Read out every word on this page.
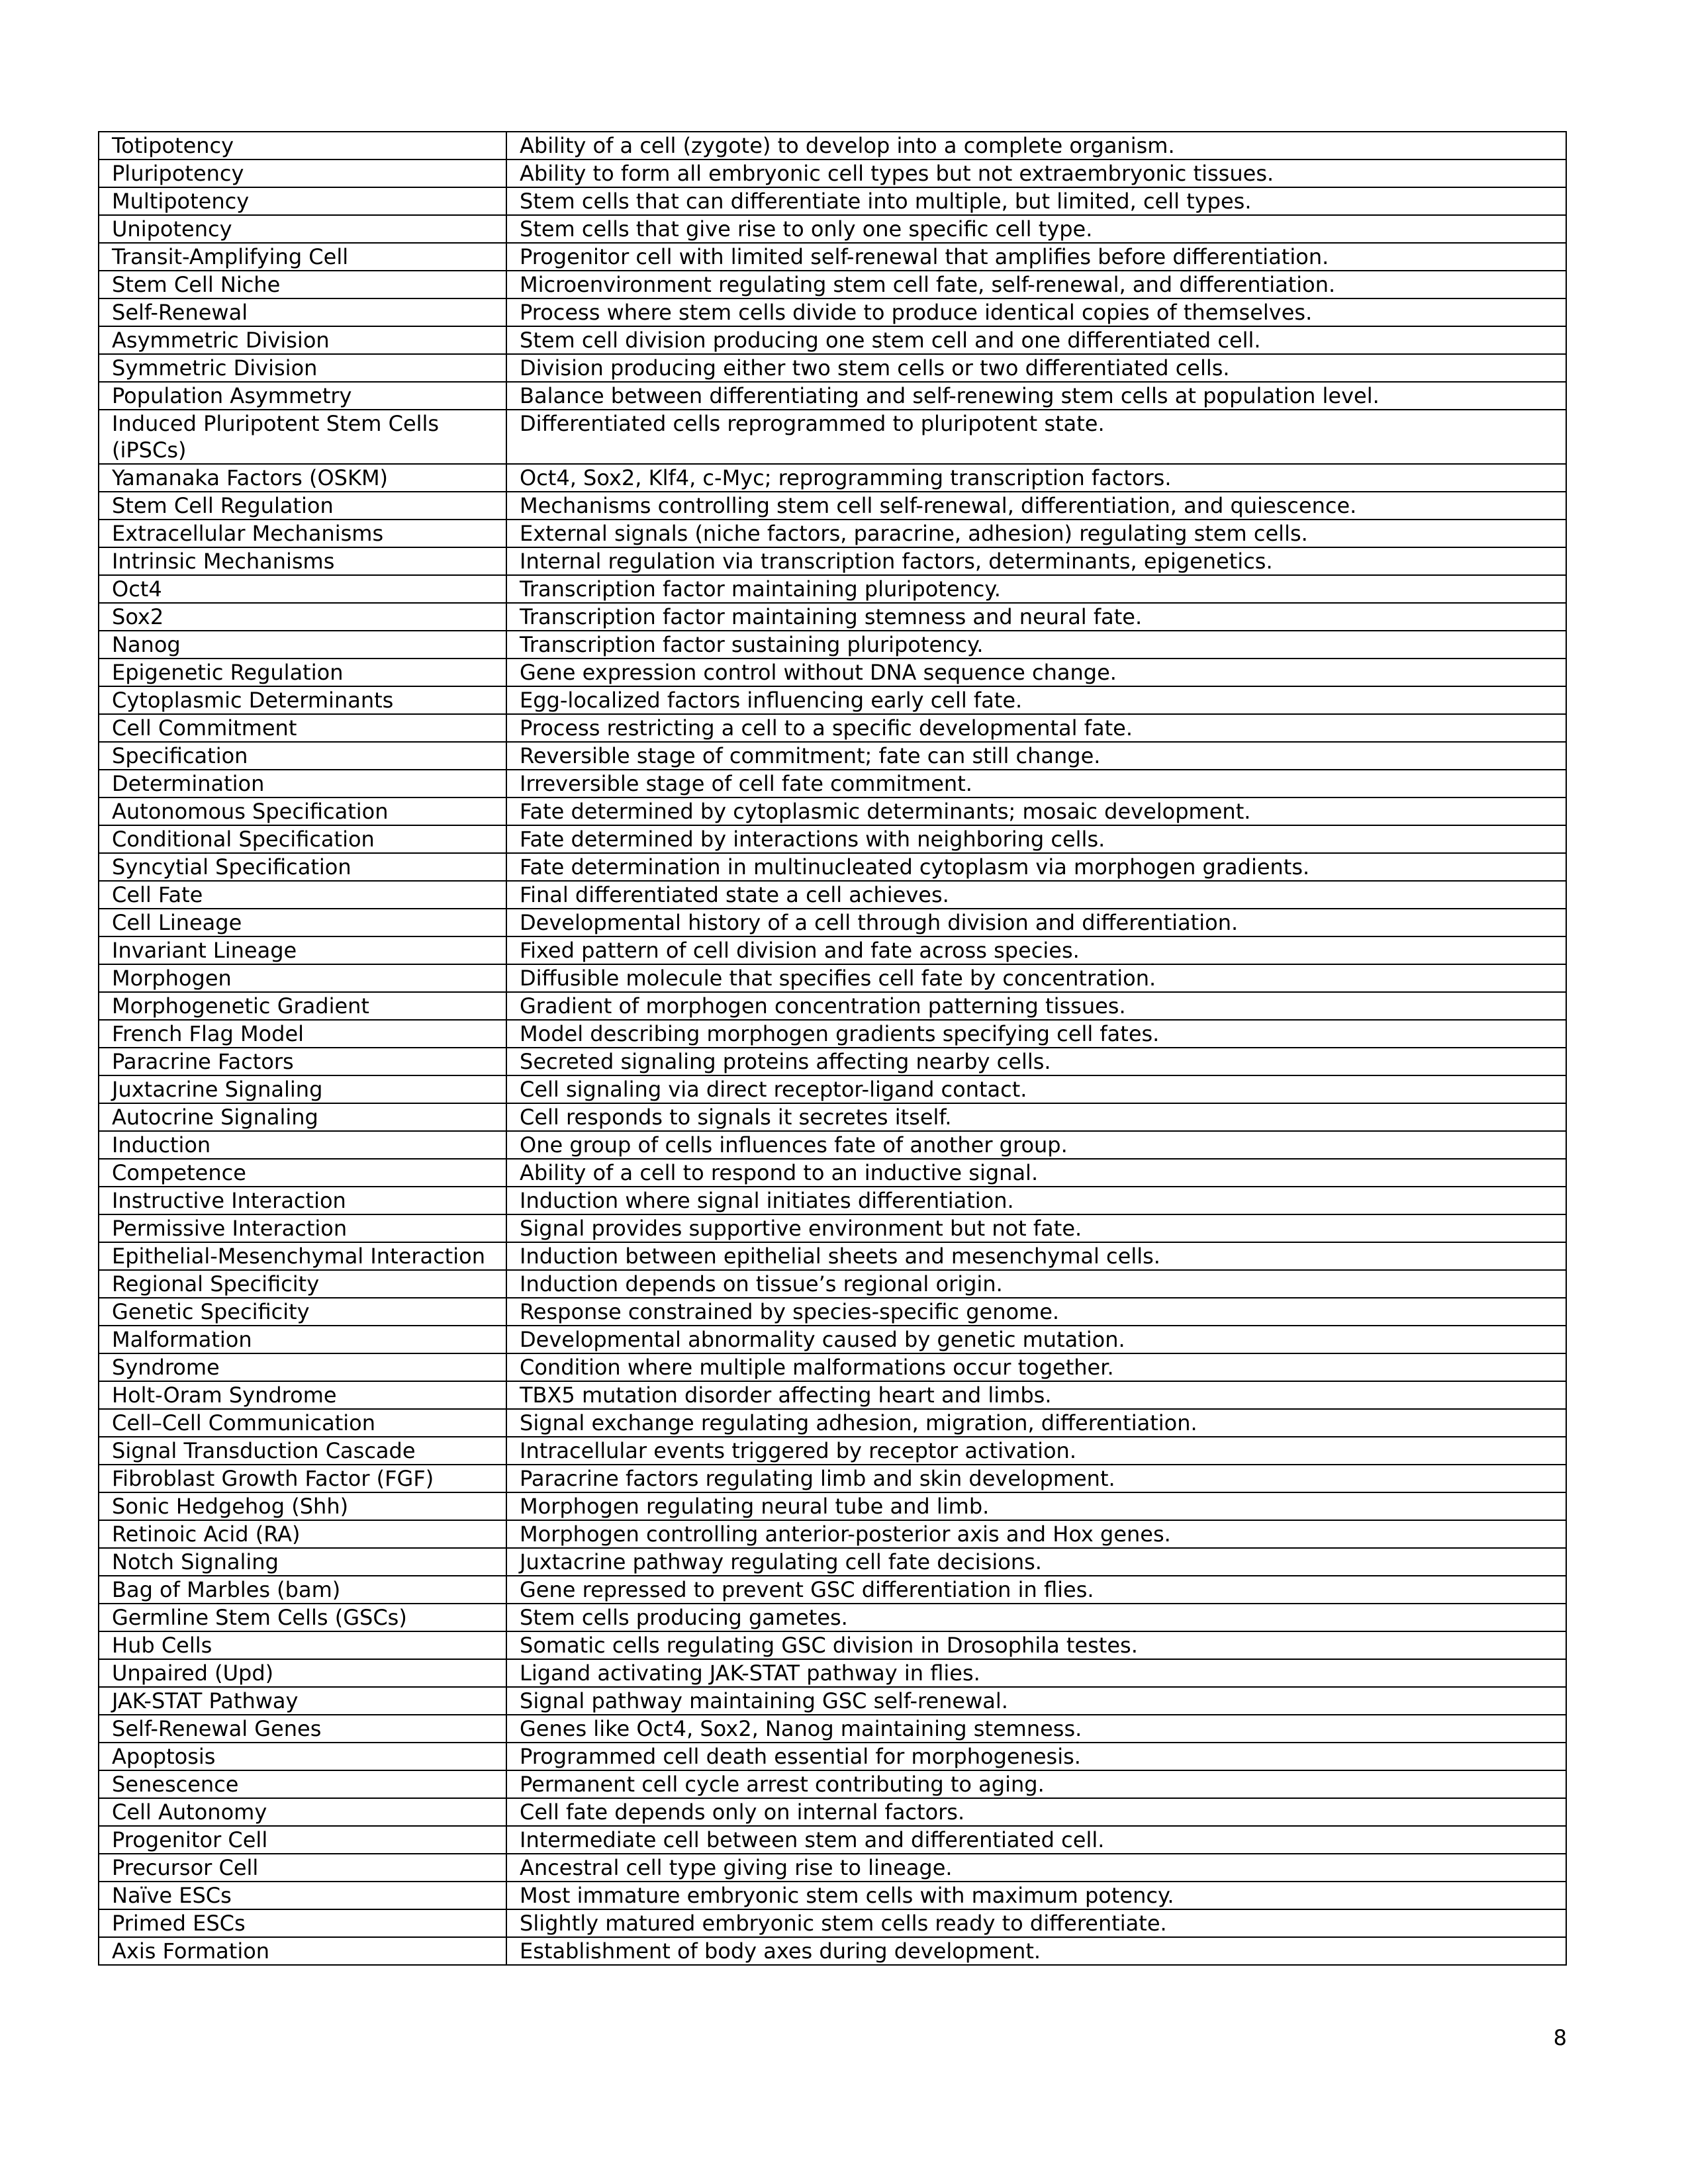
Totipotency	Ability of a cell (zygote) to develop into a complete organism.
Pluripotency	Ability to form all embryonic cell types but not extraembryonic tissues.
Multipotency	Stem cells that can differentiate into multiple, but limited, cell types.
Unipotency	Stem cells that give rise to only one specific cell type.
Transit-Amplifying Cell	Progenitor cell with limited self-renewal that amplifies before differentiation.
Stem Cell Niche	Microenvironment regulating stem cell fate, self-renewal, and differentiation.
Self-Renewal	Process where stem cells divide to produce identical copies of themselves.
Asymmetric Division	Stem cell division producing one stem cell and one differentiated cell.
Symmetric Division	Division producing either two stem cells or two differentiated cells.
Population Asymmetry	Balance between differentiating and self-renewing stem cells at population level.
Induced Pluripotent Stem Cells (iPSCs)	Differentiated cells reprogrammed to pluripotent state.
Yamanaka Factors (OSKM)	Oct4, Sox2, Klf4, c-Myc; reprogramming transcription factors.
Stem Cell Regulation	Mechanisms controlling stem cell self-renewal, differentiation, and quiescence.
Extracellular Mechanisms	External signals (niche factors, paracrine, adhesion) regulating stem cells.
Intrinsic Mechanisms	Internal regulation via transcription factors, determinants, epigenetics.
Oct4	Transcription factor maintaining pluripotency.
Sox2	Transcription factor maintaining stemness and neural fate.
Nanog	Transcription factor sustaining pluripotency.
Epigenetic Regulation	Gene expression control without DNA sequence change.
Cytoplasmic Determinants	Egg-localized factors influencing early cell fate.
Cell Commitment	Process restricting a cell to a specific developmental fate.
Specification	Reversible stage of commitment; fate can still change.
Determination	Irreversible stage of cell fate commitment.
Autonomous Specification	Fate determined by cytoplasmic determinants; mosaic development.
Conditional Specification	Fate determined by interactions with neighboring cells.
Syncytial Specification	Fate determination in multinucleated cytoplasm via morphogen gradients.
Cell Fate	Final differentiated state a cell achieves.
Cell Lineage	Developmental history of a cell through division and differentiation.
Invariant Lineage	Fixed pattern of cell division and fate across species.
Morphogen	Diffusible molecule that specifies cell fate by concentration.
Morphogenetic Gradient	Gradient of morphogen concentration patterning tissues.
French Flag Model	Model describing morphogen gradients specifying cell fates.
Paracrine Factors	Secreted signaling proteins affecting nearby cells.
Juxtacrine Signaling	Cell signaling via direct receptor-ligand contact.
Autocrine Signaling	Cell responds to signals it secretes itself.
Induction	One group of cells influences fate of another group.
Competence	Ability of a cell to respond to an inductive signal.
Instructive Interaction	Induction where signal initiates differentiation.
Permissive Interaction	Signal provides supportive environment but not fate.
Epithelial-Mesenchymal Interaction	Induction between epithelial sheets and mesenchymal cells.
Regional Specificity	Induction depends on tissue’s regional origin.
Genetic Specificity	Response constrained by species-specific genome.
Malformation	Developmental abnormality caused by genetic mutation.
Syndrome	Condition where multiple malformations occur together.
Holt-Oram Syndrome	TBX5 mutation disorder affecting heart and limbs.
Cell–Cell Communication	Signal exchange regulating adhesion, migration, differentiation.
Signal Transduction Cascade	Intracellular events triggered by receptor activation.
Fibroblast Growth Factor (FGF)	Paracrine factors regulating limb and skin development.
Sonic Hedgehog (Shh)	Morphogen regulating neural tube and limb.
Retinoic Acid (RA)	Morphogen controlling anterior-posterior axis and Hox genes.
Notch Signaling	Juxtacrine pathway regulating cell fate decisions.
Bag of Marbles (bam)	Gene repressed to prevent GSC differentiation in flies.
Germline Stem Cells (GSCs)	Stem cells producing gametes.
Hub Cells	Somatic cells regulating GSC division in Drosophila testes.
Unpaired (Upd)	Ligand activating JAK-STAT pathway in flies.
JAK-STAT Pathway	Signal pathway maintaining GSC self-renewal.
Self-Renewal Genes	Genes like Oct4, Sox2, Nanog maintaining stemness.
Apoptosis	Programmed cell death essential for morphogenesis.
Senescence	Permanent cell cycle arrest contributing to aging.
Cell Autonomy	Cell fate depends only on internal factors.
Progenitor Cell	Intermediate cell between stem and differentiated cell.
Precursor Cell	Ancestral cell type giving rise to lineage.
Naïve ESCs	Most immature embryonic stem cells with maximum potency.
Primed ESCs	Slightly matured embryonic stem cells ready to differentiate.
Axis Formation	Establishment of body axes during development.
8
